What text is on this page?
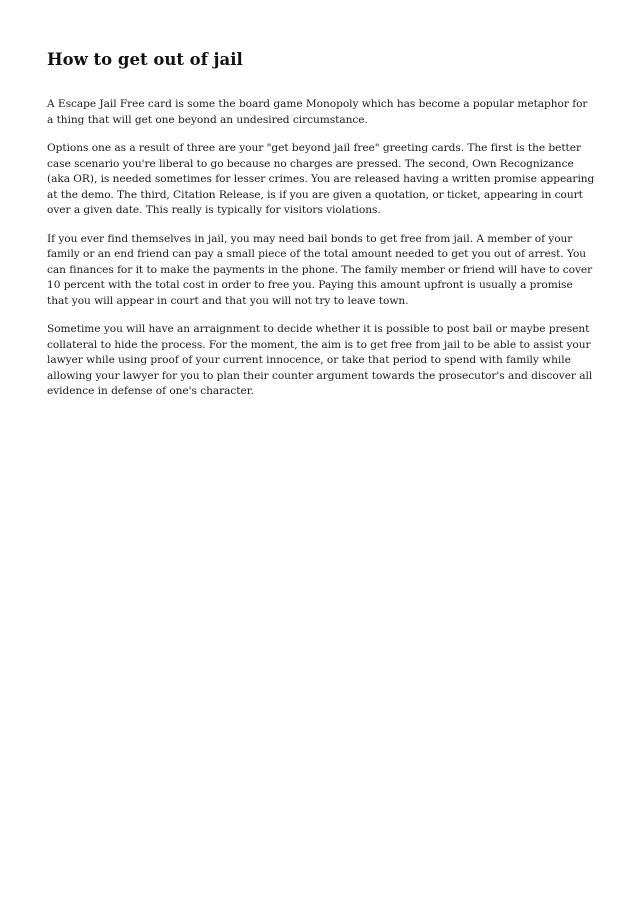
How to get out of jail

A Escape Jail Free card is some the board game Monopoly which has become a popular metaphor for a thing that will get one beyond an undesired circumstance.

Options one as a result of three are your "get beyond jail free" greeting cards. The first is the better case scenario you're liberal to go because no charges are pressed. The second, Own Recognizance (aka OR), is needed sometimes for lesser crimes. You are released having a written promise appearing at the demo. The third, Citation Release, is if you are given a quotation, or ticket, appearing in court over a given date. This really is typically for visitors violations.

If you ever find themselves in jail, you may need bail bonds to get free from jail. A member of your family or an end friend can pay a small piece of the total amount needed to get you out of arrest. You can finances for it to make the payments in the phone. The family member or friend will have to cover 10 percent with the total cost in order to free you. Paying this amount upfront is usually a promise that you will appear in court and that you will not try to leave town.

Sometime you will have an arraignment to decide whether it is possible to post bail or maybe present collateral to hide the process. For the moment, the aim is to get free from jail to be able to assist your lawyer while using proof of your current innocence, or take that period to spend with family while allowing your lawyer for you to plan their counter argument towards the prosecutor's and discover all evidence in defense of one's character.
